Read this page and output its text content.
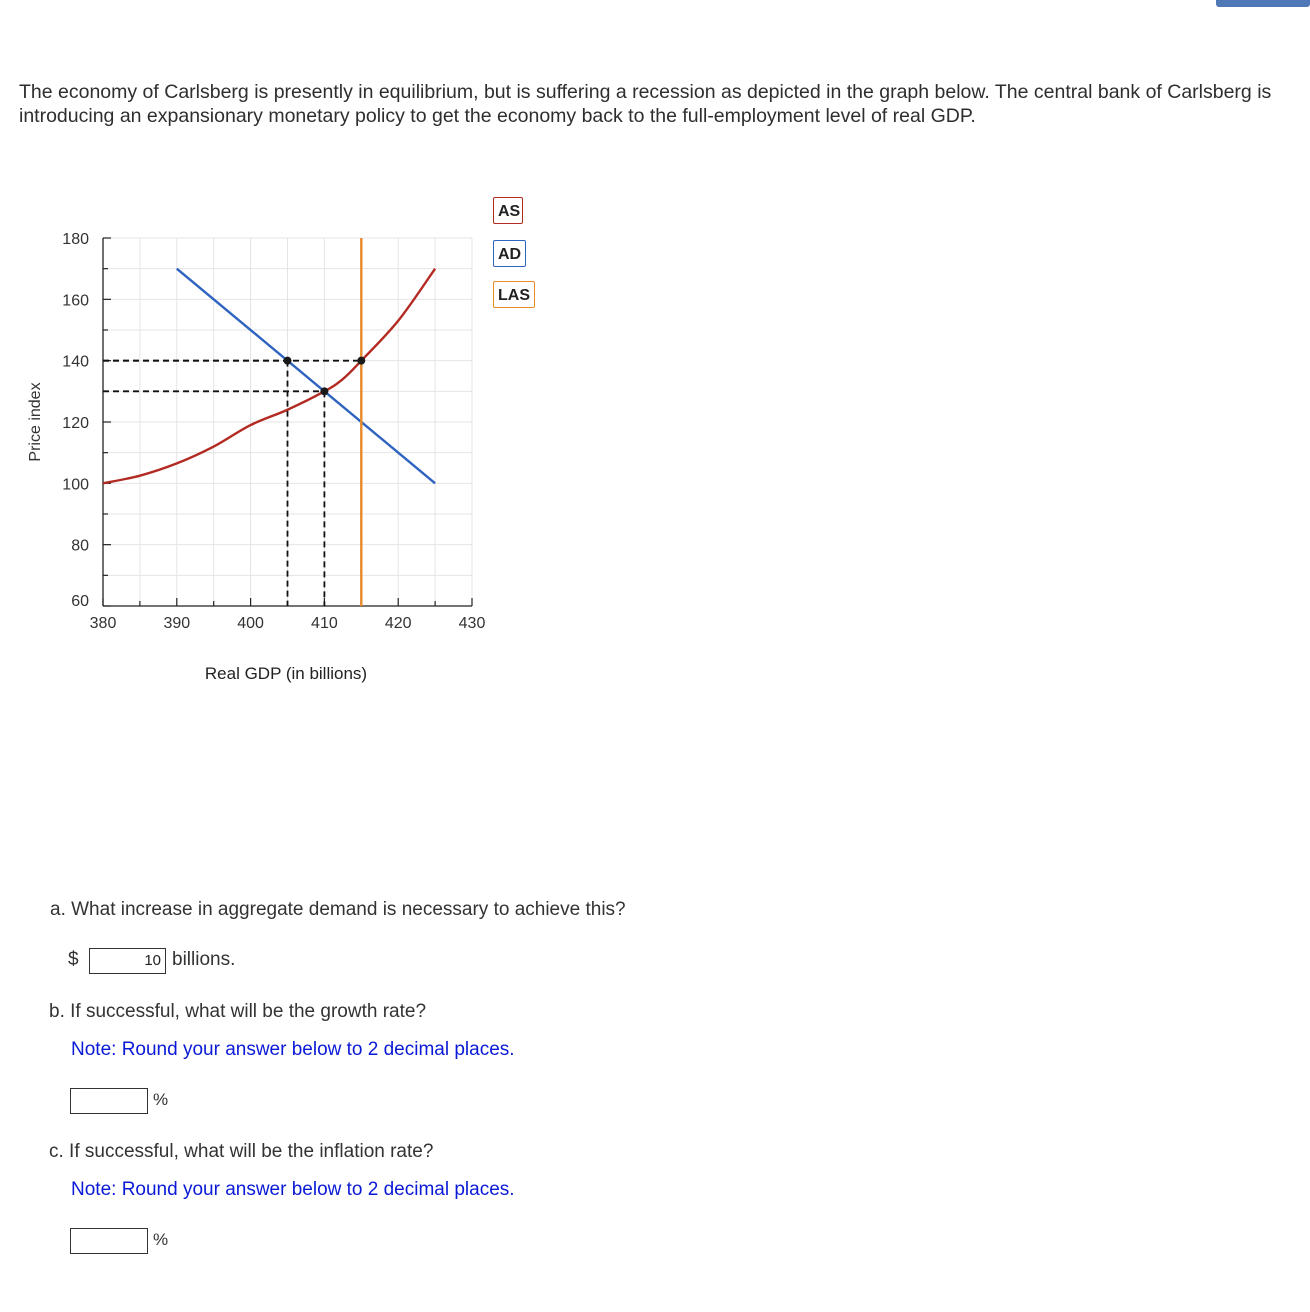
The economy of Carlsberg is presently in equilibrium, but is suffering a recession as depicted in the graph below. The central bank of Carlsberg is introducing an expansionary monetary policy to get the economy back to the full-employment level of real GDP.
380	390	400	410	420	430
60
80
100
120
140
160
180
Real GDP (in billions)
Price index
AS
AD
LAS
a. What increase in aggregate demand is necessary to achieve this?
$	10 billions.
b. If successful, what will be the growth rate?
Note: Round your answer below to 2 decimal places.
%
c. If successful, what will be the inflation rate?
Note: Round your answer below to 2 decimal places.
%
